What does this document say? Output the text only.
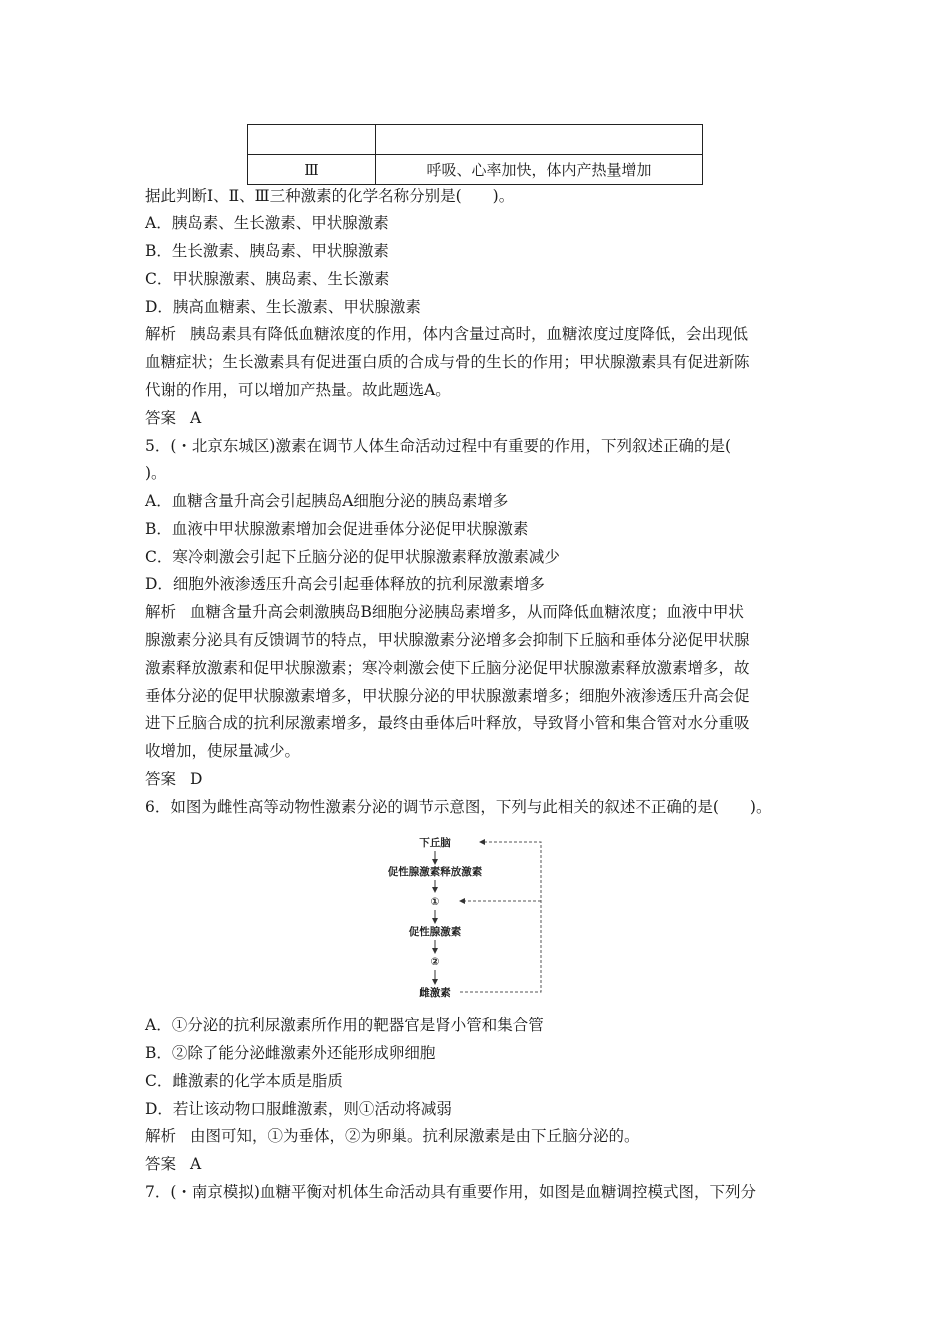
Ⅲ	呼吸、心率加快，体内产热量增加
据此判断Ⅰ、Ⅱ、Ⅲ三种激素的化学名称分别是(　　)。
A．胰岛素、生长激素、甲状腺激素
B．生长激素、胰岛素、甲状腺激素
C．甲状腺激素、胰岛素、生长激素
D．胰高血糖素、生长激素、甲状腺激素
解析 胰岛素具有降低血糖浓度的作用，体内含量过高时，血糖浓度过度降低，会出现低
血糖症状；生长激素具有促进蛋白质的合成与骨的生长的作用；甲状腺激素具有促进新陈
代谢的作用，可以增加产热量。故此题选A。
答案 A
5．(・北京东城区)激素在调节人体生命活动过程中有重要的作用，下列叙述正确的是(
)。
A．血糖含量升高会引起胰岛A细胞分泌的胰岛素增多
B．血液中甲状腺激素增加会促进垂体分泌促甲状腺激素
C．寒冷刺激会引起下丘脑分泌的促甲状腺激素释放激素减少
D．细胞外液渗透压升高会引起垂体释放的抗利尿激素增多
解析 血糖含量升高会刺激胰岛B细胞分泌胰岛素增多，从而降低血糖浓度；血液中甲状
腺激素分泌具有反馈调节的特点，甲状腺激素分泌增多会抑制下丘脑和垂体分泌促甲状腺
激素释放激素和促甲状腺激素；寒冷刺激会使下丘脑分泌促甲状腺激素释放激素增多，故
垂体分泌的促甲状腺激素增多，甲状腺分泌的甲状腺激素增多；细胞外液渗透压升高会促
进下丘脑合成的抗利尿激素增多，最终由垂体后叶释放，导致肾小管和集合管对水分重吸
收增加，使尿量减少。
答案 D
6．如图为雌性高等动物性激素分泌的调节示意图，下列与此相关的叙述不正确的是(　　)。
下丘脑
促性腺激素释放激素
①
促性腺激素
②
雌激素
A．①分泌的抗利尿激素所作用的靶器官是肾小管和集合管
B．②除了能分泌雌激素外还能形成卵细胞
C．雌激素的化学本质是脂质
D．若让该动物口服雌激素，则①活动将减弱
解析 由图可知，①为垂体，②为卵巢。抗利尿激素是由下丘脑分泌的。
答案 A
7．(・南京模拟)血糖平衡对机体生命活动具有重要作用，如图是血糖调控模式图，下列分
